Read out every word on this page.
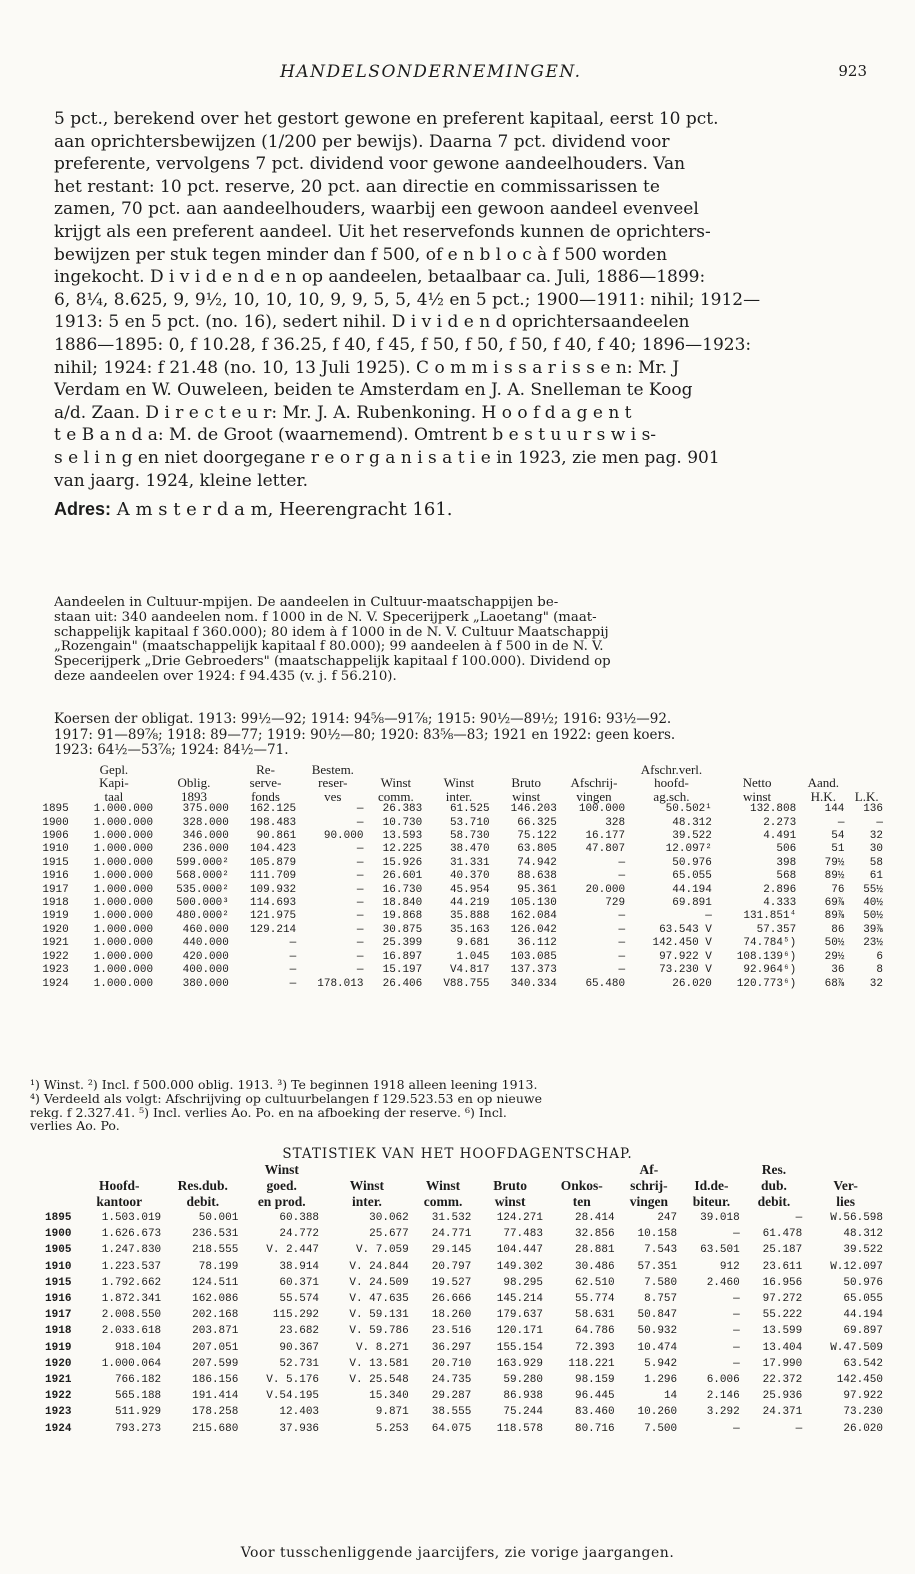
HANDELSONDERNEMINGEN.	923

5 pct., berekend over het gestort gewone en preferent kapitaal, eerst 10 pct.

aan oprichtersbewijzen (1/200 per bewijs). Daarna 7 pct. dividend voor

preferente, vervolgens 7 pct. dividend voor gewone aandeelhouders. Van

het restant: 10 pct. reserve, 20 pct. aan directie en commissarissen te

zamen, 70 pct. aan aandeelhouders, waarbij een gewoon aandeel evenveel

krijgt als een preferent aandeel. Uit het reservefonds kunnen de oprichters-

bewijzen per stuk tegen minder dan f 500, of e n b l o c à f 500 worden

ingekocht. D i v i d e n d e n op aandeelen, betaalbaar ca. Juli, 1886—1899:

6, 8¼, 8.625, 9, 9½, 10, 10, 10, 9, 9, 5, 5, 4½ en 5 pct.; 1900—1911: nihil; 1912—

1913: 5 en 5 pct. (no. 16), sedert nihil. D i v i d e n d oprichtersaandeelen

1886—1895: 0, f 10.28, f 36.25, f 40, f 45, f 50, f 50, f 50, f 40, f 40; 1896—1923:

nihil; 1924: f 21.48 (no. 10, 13 Juli 1925). C o m m i s s a r i s s e n: Mr. J

Verdam en W. Ouweleen, beiden te Amsterdam en J. A. Snelleman te Koog

a/d. Zaan. D i r e c t e u r: Mr. J. A. Rubenkoning. H o o f d a g e n t

t e B a n d a: M. de Groot (waarnemend). Omtrent b e s t u u r s w i s-

s e l i n g en niet doorgegane r e o r g a n i s a t i e in 1923, zie men pag. 901

van jaarg. 1924, kleine letter.

Adres: A m s t e r d a m, Heerengracht 161.

Aandeelen in Cultuur-mpijen. De aandeelen in Cultuur-maatschappijen be-

staan uit: 340 aandeelen nom. f 1000 in de N. V. Specerijperk „Laoetang" (maat-

schappelijk kapitaal f 360.000); 80 idem à f 1000 in de N. V. Cultuur Maatschappij

„Rozengain" (maatschappelijk kapitaal f 80.000); 99 aandeelen à f 500 in de N. V.

Specerijperk „Drie Gebroeders" (maatschappelijk kapitaal f 100.000). Dividend op

deze aandeelen over 1924: f 94.435 (v. j. f 56.210).

Koersen der obligat. 1913: 99½—92; 1914: 94⅝—91⅞; 1915: 90½—89½; 1916: 93½—92.

1917: 91—89⅞; 1918: 89—77; 1919: 90½—80; 1920: 83⅝—83; 1921 en 1922: geen koers.

1923: 64½—53⅞; 1924: 84½—71.

	Gepl.		Re-	Bestem.					Afschr.verl.			
	Kapi-	Oblig.	serve-	reser-	Winst	Winst	Bruto	Afschrij-	hoofd-	Netto	Aand.	
	taal	1893	fonds	ves	comm.	inter.	winst	vingen	ag.sch.	winst	H.K.	L.K.
1895	1.000.000	375.000	162.125	—	26.383	61.525	146.203	100.000	50.502¹	132.808	144	136
1900	1.000.000	328.000	198.483	—	10.730	53.710	66.325	328	48.312	2.273	—	—
1906	1.000.000	346.000	90.861	90.000	13.593	58.730	75.122	16.177	39.522	4.491	54	32
1910	1.000.000	236.000	104.423	—	12.225	38.470	63.805	47.807	12.097²	506	51	30
1915	1.000.000	599.000²	105.879	—	15.926	31.331	74.942	—	50.976	398	79½	58
1916	1.000.000	568.000²	111.709	—	26.601	40.370	88.638	—	65.055	568	89½	61
1917	1.000.000	535.000²	109.932	—	16.730	45.954	95.361	20.000	44.194	2.896	76	55½
1918	1.000.000	500.000³	114.693	—	18.840	44.219	105.130	729	69.891	4.333	69⅞	40½
1919	1.000.000	480.000²	121.975	—	19.868	35.888	162.084	—	—	131.851⁴	89⅞	50½
1920	1.000.000	460.000	129.214	—	30.875	35.163	126.042	—	63.543 V	57.357	86	39⅞
1921	1.000.000	440.000	—	—	25.399	9.681	36.112	—	142.450 V	74.784⁵)	50½	23½
1922	1.000.000	420.000	—	—	16.897	1.045	103.085	—	97.922 V	108.139⁶)	29½	6
1923	1.000.000	400.000	—	—	15.197	V4.817	137.373	—	73.230 V	92.964⁶)	36	8
1924	1.000.000	380.000	—	178.013	26.406	V88.755	340.334	65.480	26.020	120.773⁶)	68⅞	32

¹) Winst. ²) Incl. f 500.000 oblig. 1913. ³) Te beginnen 1918 alleen leening 1913.

⁴) Verdeeld als volgt: Afschrijving op cultuurbelangen f 129.523.53 en op nieuwe

rekg. f 2.327.41. ⁵) Incl. verlies Ao. Po. en na afboeking der reserve. ⁶) Incl.

verlies Ao. Po.

STATISTIEK VAN HET HOOFDAGENTSCHAP.
			Winst					Af-		Res.	
	Hoofd-	Res.dub.	goed.	Winst	Winst	Bruto	Onkos-	schrij-	Id.de-	dub.	Ver-
	kantoor	debit.	en prod.	inter.	comm.	winst	ten	vingen	biteur.	debit.	lies
1895	1.503.019	50.001	60.388	30.062	31.532	124.271	28.414	247	39.018	—	W.56.598
1900	1.626.673	236.531	24.772	25.677	24.771	77.483	32.856	10.158	—	61.478	48.312
1905	1.247.830	218.555	V. 2.447	V. 7.059	29.145	104.447	28.881	7.543	63.501	25.187	39.522
1910	1.223.537	78.199	38.914	V. 24.844	20.797	149.302	30.486	57.351	912	23.611	W.12.097
1915	1.792.662	124.511	60.371	V. 24.509	19.527	98.295	62.510	7.580	2.460	16.956	50.976
1916	1.872.341	162.086	55.574	V. 47.635	26.666	145.214	55.774	8.757	—	97.272	65.055
1917	2.008.550	202.168	115.292	V. 59.131	18.260	179.637	58.631	50.847	—	55.222	44.194
1918	2.033.618	203.871	23.682	V. 59.786	23.516	120.171	64.786	50.932	—	13.599	69.897
1919	918.104	207.051	90.367	V. 8.271	36.297	155.154	72.393	10.474	—	13.404	W.47.509
1920	1.000.064	207.599	52.731	V. 13.581	20.710	163.929	118.221	5.942	—	17.990	63.542
1921	766.182	186.156	V. 5.176	V. 25.548	24.735	59.280	98.159	1.296	6.006	22.372	142.450
1922	565.188	191.414	V.54.195	15.340	29.287	86.938	96.445	14	2.146	25.936	97.922
1923	511.929	178.258	12.403	9.871	38.555	75.244	83.460	10.260	3.292	24.371	73.230
1924	793.273	215.680	37.936	5.253	64.075	118.578	80.716	7.500	—	—	26.020
Voor tusschenliggende jaarcijfers, zie vorige jaargangen.
